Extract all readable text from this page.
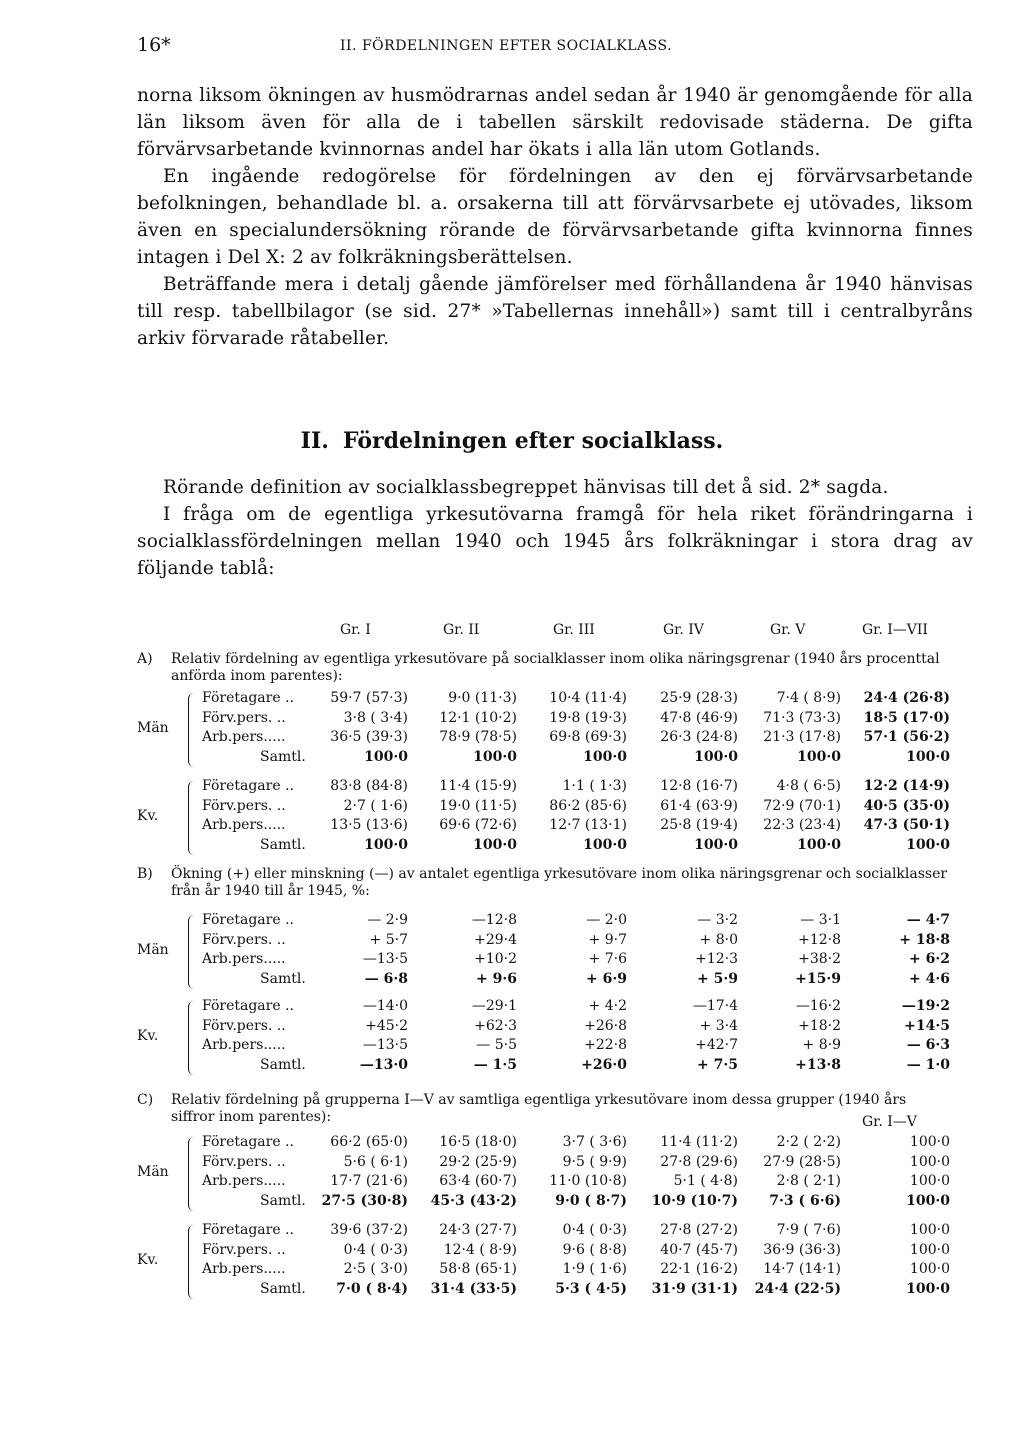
16*	II. FÖRDELNINGEN EFTER SOCIALKLASS.

norna liksom ökningen av husmödrarnas andel sedan år 1940 är genomgående för alla län liksom även för alla de i tabellen särskilt redovisade städerna. De gifta förvärvsarbetande kvinnornas andel har ökats i alla län utom Gotlands.

En ingående redogörelse för fördelningen av den ej förvärvsarbetande befolkningen, behandlade bl. a. orsakerna till att förvärvsarbete ej utövades, liksom även en specialundersökning rörande de förvärvsarbetande gifta kvinnorna finnes intagen i Del X: 2 av folkräkningsberättelsen.

Beträffande mera i detalj gående jämförelser med förhållandena år 1940 hänvisas till resp. tabellbilagor (se sid. 27* »Tabellernas innehåll») samt till i centralbyråns arkiv förvarade råtabeller.

II. Fördelningen efter socialklass.

Rörande definition av socialklassbegreppet hänvisas till det å sid. 2* sagda.

I fråga om de egentliga yrkesutövarna framgå för hela riket förändringarna i socialklassfördelningen mellan 1940 och 1945 års folkräkningar i stora drag av följande tablå:

Gr. I	Gr. II	Gr. III	Gr. IV	Gr. V	Gr. I—VII
A) Relativ fördelning av egentliga yrkesutövare på socialklasser inom olika näringsgrenar (1940 års procenttal anförda inom parentes):
B) Ökning (+) eller minskning (—) av antalet egentliga yrkesutövare inom olika näringsgrenar och socialklasser från år 1940 till år 1945, %:
C) Relativ fördelning på grupperna I—V av samtliga egentliga yrkesutövare inom dessa grupper (1940 års siffror inom parentes):	Gr. I—V
Män
Företagare ..	59·7 (57·3)	9·0 (11·3) 10·4 (11·4) 25·9 (28·3)	7·4 ( 8·9) 24·4 (26·8)
Förv.pers. ..	3·8 ( 3·4) 12·1 (10·2) 19·8 (19·3) 47·8 (46·9) 71·3 (73·3) 18·5 (17·0)
Arb.pers.....	36·5 (39·3) 78·9 (78·5) 69·8 (69·3) 26·3 (24·8) 21·3 (17·8) 57·1 (56·2)
Samtl.	100·0	100·0	100·0	100·0	100·0	100·0
Kv.
Företagare ..	83·8 (84·8) 11·4 (15·9)	1·1 ( 1·3) 12·8 (16·7)	4·8 ( 6·5) 12·2 (14·9)
Förv.pers. ..	2·7 ( 1·6) 19·0 (11·5) 86·2 (85·6) 61·4 (63·9) 72·9 (70·1) 40·5 (35·0)
Arb.pers.....	13·5 (13·6) 69·6 (72·6) 12·7 (13·1) 25·8 (19·4) 22·3 (23·4) 47·3 (50·1)
Samtl.	100·0	100·0	100·0	100·0	100·0	100·0
Män
Företagare ..	— 2·9	—12·8	— 2·0	— 3·2	— 3·1	— 4·7
Förv.pers. ..	+ 5·7	+29·4	+ 9·7	+ 8·0	+12·8	+ 18·8
Arb.pers.....	—13·5	+10·2	+ 7·6	+12·3	+38·2	+ 6·2
Samtl.	— 6·8	+ 9·6	+ 6·9	+ 5·9	+15·9	+ 4·6
Kv.
Företagare ..	—14·0	—29·1	+ 4·2	—17·4	—16·2	—19·2
Förv.pers. ..	+45·2	+62·3	+26·8	+ 3·4	+18·2	+14·5
Arb.pers.....	—13·5	— 5·5	+22·8	+42·7	+ 8·9	— 6·3
Samtl.	—13·0	— 1·5	+26·0	+ 7·5	+13·8	— 1·0
Män
Företagare ..	66·2 (65·0) 16·5 (18·0)	3·7 ( 3·6) 11·4 (11·2)	2·2 ( 2·2)	100·0
Förv.pers. ..	5·6 ( 6·1) 29·2 (25·9)	9·5 ( 9·9) 27·8 (29·6) 27·9 (28·5)	100·0
Arb.pers.....	17·7 (21·6) 63·4 (60·7) 11·0 (10·8)	5·1 ( 4·8)	2·8 ( 2·1)	100·0
Samtl. 27·5 (30·8) 45·3 (43·2)	9·0 ( 8·7) 10·9 (10·7) 7·3 ( 6·6)	100·0
Kv.
Företagare ..	39·6 (37·2) 24·3 (27·7)	0·4 ( 0·3) 27·8 (27·2)	7·9 ( 7·6)	100·0
Förv.pers. ..	0·4 ( 0·3)	12·4 ( 8·9)	9·6 ( 8·8) 40·7 (45·7) 36·9 (36·3)	100·0
Arb.pers.....	2·5 ( 3·0) 58·8 (65·1)	1·9 ( 1·6) 22·1 (16·2) 14·7 (14·1)	100·0
Samtl. 7·0 ( 8·4) 31·4 (33·5)	5·3 ( 4·5) 31·9 (31·1) 24·4 (22·5)	100·0
